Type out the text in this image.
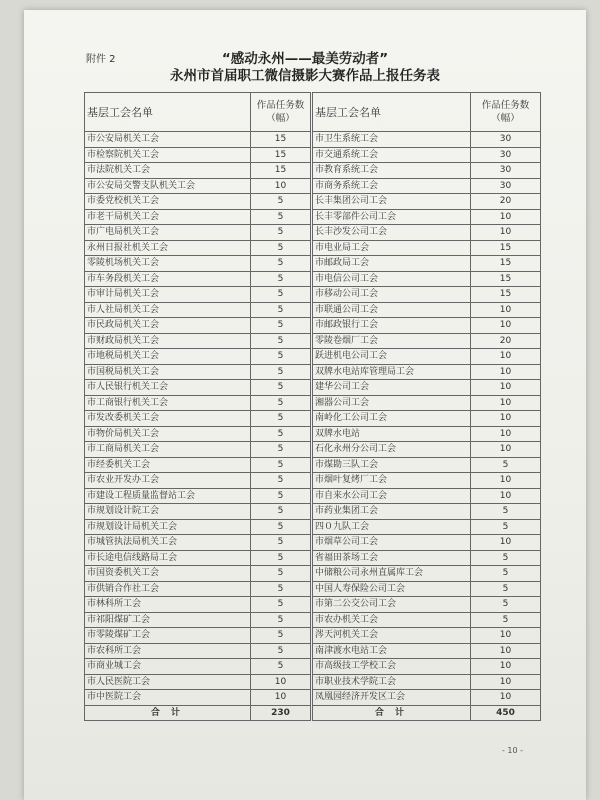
附件 2	“感动永州——最美劳动者”
永州市首届职工微信摄影大赛作品上报任务表
基层工会名单	作品任务数（幅）
市公安局机关工会	15
市检察院机关工会	15
市法院机关工会	15
市公安局交警支队机关工会	10
市委党校机关工会	5
市老干局机关工会	5
市广电局机关工会	5
永州日报社机关工会	5
零陵机场机关工会	5
市车务段机关工会	5
市审计局机关工会	5
市人社局机关工会	5
市民政局机关工会	5
市财政局机关工会	5
市地税局机关工会	5
市国税局机关工会	5
市人民银行机关工会	5
市工商银行机关工会	5
市发改委机关工会	5
市物价局机关工会	5
市工商局机关工会	5
市经委机关工会	5
市农业开发办工会	5
市建设工程质量监督站工会	5
市规划设计院工会	5
市规划设计局机关工会	5
市城管执法局机关工会	5
市长途电信线路局工会	5
市国资委机关工会	5
市供销合作社工会	5
市林科所工会	5
市祁阳煤矿工会	5
市零陵煤矿工会	5
市农科所工会	5
市商业城工会	5
市人民医院工会	10
市中医院工会	10
合 计	230
基层工会名单	作品任务数（幅）
市卫生系统工会	30
市交通系统工会	30
市教育系统工会	30
市商务系统工会	30
长丰集团公司工会	20
长丰零部件公司工会	10
长丰沙发公司工会	10
市电业局工会	15
市邮政局工会	15
市电信公司工会	15
市移动公司工会	15
市联通公司工会	10
市邮政银行工会	10
零陵卷烟厂工会	20
跃进机电公司工会	10
双牌水电站库管理局工会	10
建华公司工会	10
湘器公司工会	10
南岭化工公司工会	10
双牌水电站	10
石化永州分公司工会	10
市煤勘三队工会	5
市烟叶复烤厂工会	10
市自来水公司工会	10
市药业集团工会	5
四０九队工会	5
市烟草公司工会	10
省福田茶场工会	5
中储粮公司永州直属库工会	5
中国人寿保险公司工会	5
市第二公交公司工会	5
市农办机关工会	5
涔天河机关工会	10
南津渡水电站工会	10
市高级技工学校工会	10
市职业技术学院工会	10
凤凰园经济开发区工会	10
合 计	450
- 10 -
